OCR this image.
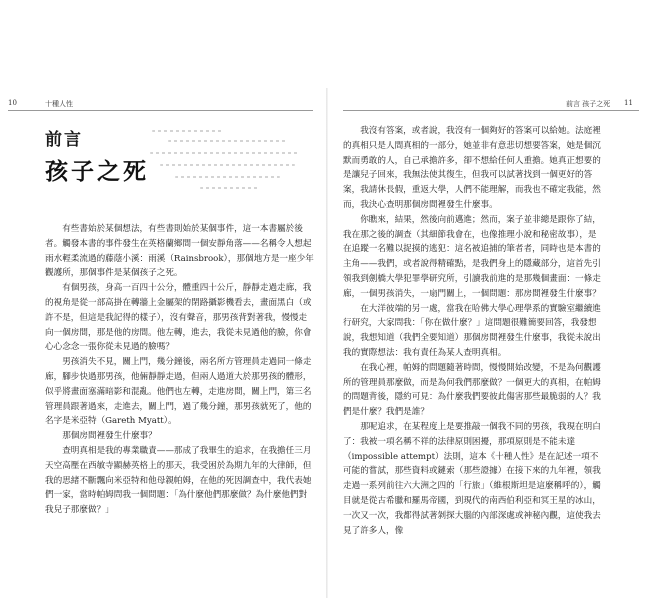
10	十種人性	前言 孩子之死 11
前言
孩子之死

有些書始於某個想法，有些書則始於某個事件，這一本書屬於後者。觸發本書的事件發生在英格蘭鄉間一個安靜角落——名稱令人想起雨水輕柔流過的藤蔭小溪：雨溪（Rainsbrook），那個地方是一座少年觀護所，那個事件是某個孩子之死。

有個男孩，身高一百四十公分，體重四十公斤，靜靜走過走廊，我的視角是從一部高掛在轉牆上金屬架的閉路攝影機看去，畫面黑白（或許不是，但這是我記得的樣子），沒有聲音，那男孩背對著我，慢慢走向一個房間，那是他的房間。他左轉，進去，我從未見過他的臉，你會心心念念一張你從未見過的臉嗎？

男孩消失不見，關上門，幾分鐘後，兩名所方管理員走過同一條走廊，腳步快過那男孩，他倆靜靜走過，但兩人過道大於那男孩的體形，似乎將畫面塞滿暗影和混亂。他們也左轉，走進房間，關上門，第三名管理員跟著過來，走進去，關上門，過了幾分鐘，那男孩就死了，他的名字是米亞特（Gareth Myatt）。

那個房間裡發生什麼事？

查明真相是我的專業職責——那成了我畢生的追求，在我擔任三月天空高壓在西敏寺顯赫英格上的那天，我受困於為期九年的大律師，但我的思緒不斷飄向米亞特和他母親帕姆，在他的死因調查中，我代表她們一家，當時帕姆問我一個問題：「為什麼他們那麼做？為什麼他們對我兒子那麼做？」

我沒有答案，或者說，我沒有一個夠好的答案可以給她。法庭裡的真相只是人間真相的一部分，她並非有意悲切想要答案，她是個沉默而勇敢的人，自己承擔許多，卻不想給任何人重擔。她真正想要的是讓兒子回來，我無法使其復生，但我可以試著找到一個更好的答案，我請休長假，重返大學，人們不能理解，而我也不確定我能，然而，我決心查明那個房間裡發生什麼事。

你瞧來，結果，然後向前邁進；然而，案子並非總是跟你了結，我在那之後的調查（其細節我會在，也像推理小說和秘密故事），是在追蹤一名難以捉摸的逃犯：這名被追捕的筆者者，同時也是本書的主角——我們，或者說得精確點，是我們身上的隱藏部分，這首先引領我到劍橋大學犯罪學研究所，引讀我前進的是那幾個畫面：一條走廊，一個男孩消失，一扇門關上，一個問題：那房間裡發生什麼事？

在大洋彼端的另一處，當我在哈佛大學心理學系的實驗室繼續進行研究，大家問我：「你在做什麼？」這問題很難簡要回答，我發想說，我想知道（我們全要知道）那個房間裡發生什麼事，我從未說出我的實際想法：我有責任為某人查明真相。

在我心裡，帕姆的問題隨著時間，慢慢開始改變，不是為何觀護所的管理員那麼做，而是為何我們那麼做？一個更大的真相，在帕姆的問題背後，隱約可見：為什麼我們要彼此傷害那些最脆弱的人？我們是什麼？我們是誰？

那呢追求，在某程度上是要推敲一個我不同的男孩，我現在明白了：我被一項名稱不祥的法律原則困擾，那項原則是不能未達（impossible attempt）法則，這本《十種人性》是在記述一項不可能的嘗試，那些資料或鏈索（那些證據）在接下來的九年裡，領我走過一系列前往六大洲之四的「行旅」（維根斯坦是這麼稱呼的），觸目就是從古希臘和羅馬帝國，到現代的南西伯利亞和冥王星的冰山，一次又一次，我都得試著剝探大腦的內部深處或神秘內觀，這使我去見了許多人，像
